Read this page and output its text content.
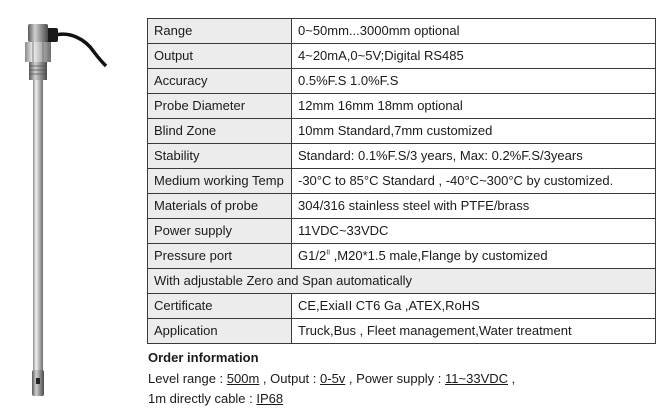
Range	0~50mm...3000mm optional
Output	4~20mA,0~5V;Digital RS485
Accuracy	0.5%F.S 1.0%F.S
Probe Diameter	12mm 16mm 18mm optional
Blind Zone	10mm Standard,7mm customized
Stability	Standard: 0.1%F.S/3 years, Max: 0.2%F.S/3years
Medium working Temp	-30°C to 85°C Standard , -40°C~300°C by customized.
Materials of probe	304/316 stainless steel with PTFE/brass
Power supply	11VDC~33VDC
Pressure port	$G1/2^{II}$ ,M20*1.5 male,Flange by customized
With adjustable Zero and Span automatically	
Certificate	CE,ExiaII CT6 Ga ,ATEX,RoHS
Application	Truck,Bus , Fleet management,Water treatment
Order information
Level range : 500m , Output : 0-5v , Power supply : 11~33VDC ,
1m directly cable : IP68
